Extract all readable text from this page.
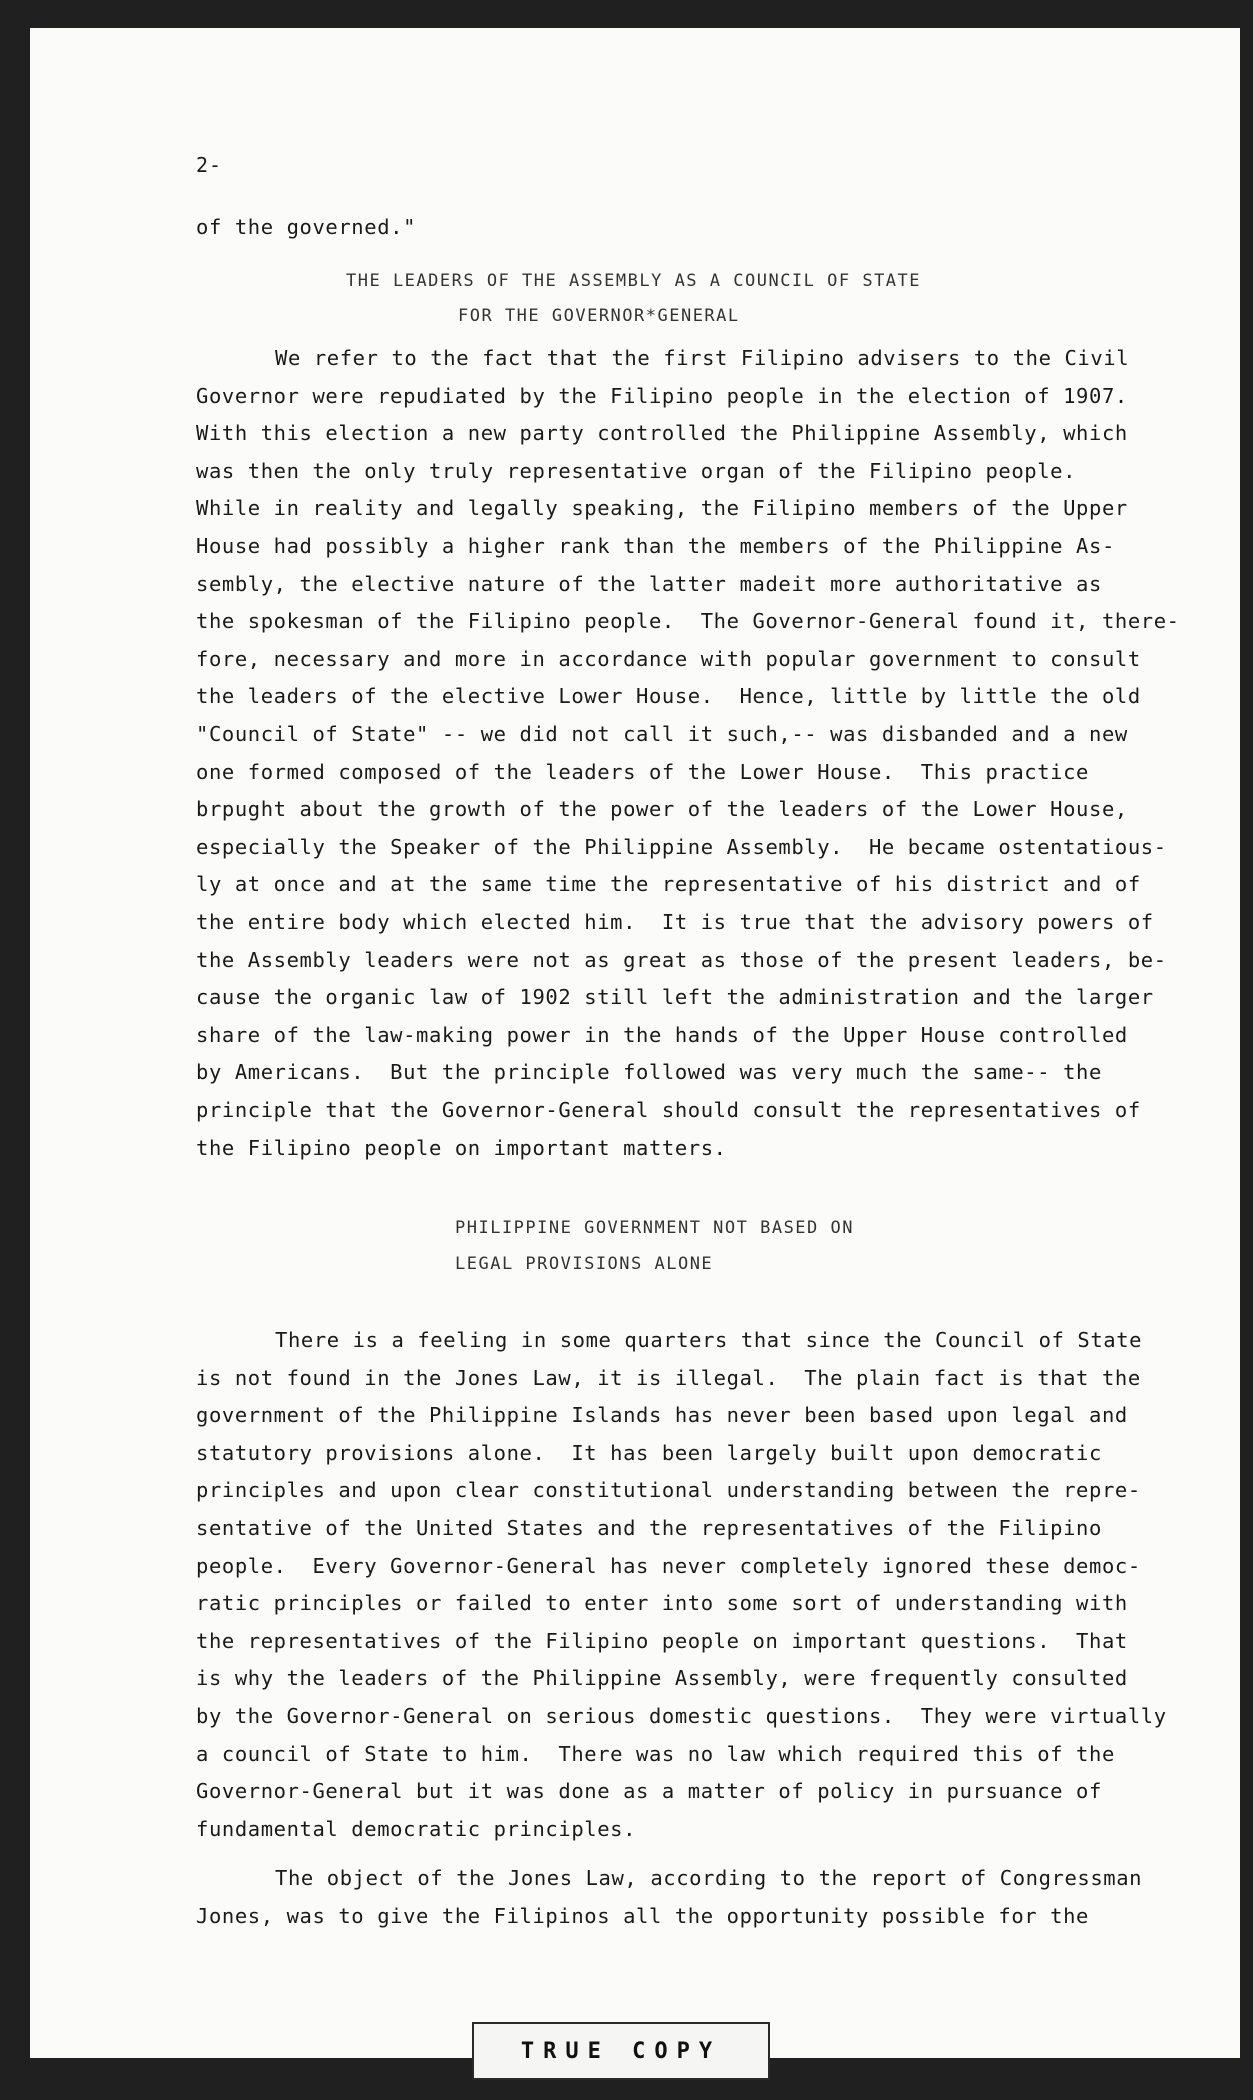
2-
of the governed."
THE LEADERS OF THE ASSEMBLY AS A COUNCIL OF STATE
FOR THE GOVERNOR*GENERAL
We refer to the fact that the first Filipino advisers to the Civil
Governor were repudiated by the Filipino people in the election of 1907.
With this election a new party controlled the Philippine Assembly, which
was then the only truly representative organ of the Filipino people.
While in reality and legally speaking, the Filipino members of the Upper
House had possibly a higher rank than the members of the Philippine As-
sembly, the elective nature of the latter madeit more authoritative as
the spokesman of the Filipino people.  The Governor-General found it, there-
fore, necessary and more in accordance with popular government to consult
the leaders of the elective Lower House.  Hence, little by little the old
"Council of State" -- we did not call it such,-- was disbanded and a new
one formed composed of the leaders of the Lower House.  This practice
brpught about the growth of the power of the leaders of the Lower House,
especially the Speaker of the Philippine Assembly.  He became ostentatious-
ly at once and at the same time the representative of his district and of
the entire body which elected him.  It is true that the advisory powers of
the Assembly leaders were not as great as those of the present leaders, be-
cause the organic law of 1902 still left the administration and the larger
share of the law-making power in the hands of the Upper House controlled
by Americans.  But the principle followed was very much the same-- the
principle that the Governor-General should consult the representatives of
the Filipino people on important matters.
PHILIPPINE GOVERNMENT NOT BASED ON
LEGAL PROVISIONS ALONE
There is a feeling in some quarters that since the Council of State
is not found in the Jones Law, it is illegal.  The plain fact is that the
government of the Philippine Islands has never been based upon legal and
statutory provisions alone.  It has been largely built upon democratic
principles and upon clear constitutional understanding between the repre-
sentative of the United States and the representatives of the Filipino
people.  Every Governor-General has never completely ignored these democ-
ratic principles or failed to enter into some sort of understanding with
the representatives of the Filipino people on important questions.  That
is why the leaders of the Philippine Assembly, were frequently consulted
by the Governor-General on serious domestic questions.  They were virtually
a council of State to him.  There was no law which required this of the
Governor-General but it was done as a matter of policy in pursuance of
fundamental democratic principles.
The object of the Jones Law, according to the report of Congressman
Jones, was to give the Filipinos all the opportunity possible for the
TRUE COPY
